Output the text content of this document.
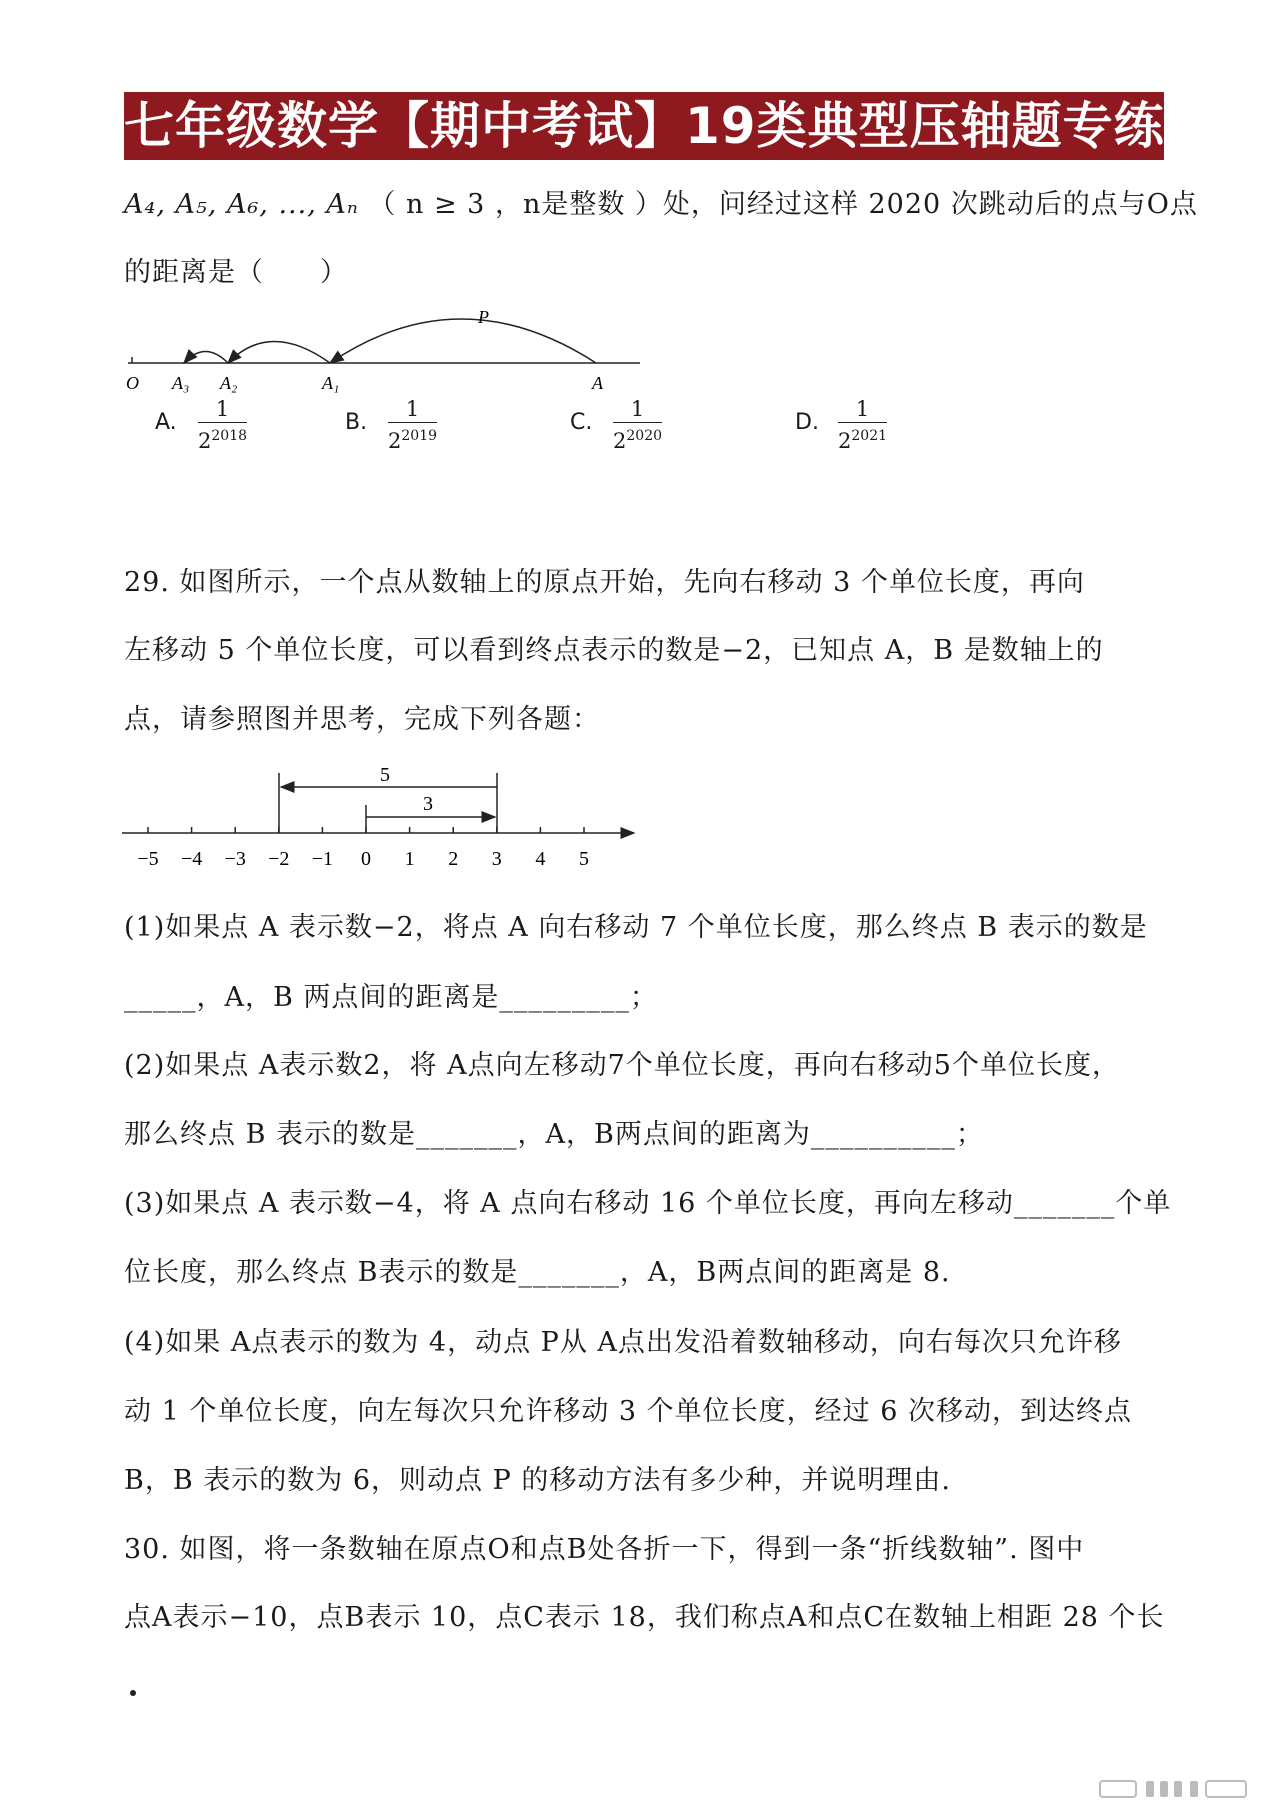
七年级数学【期中考试】19类典型压轴题专练
A₄, A₅, A₆, ..., Aₙ （ n ≥ 3 ，n是整数 ）处，问经过这样 2020 次跳动后的点与O点
的距离是（　　）
P
O A₃ A₂	A₁	A
A. $\frac{1}{2^{2018}}$	B. $\frac{1}{2^{2019}}$	C. $\frac{1}{2^{2020}}$	D. $\frac{1}{2^{2021}}$
29. 如图所示，一个点从数轴上的原点开始，先向右移动 3 个单位长度，再向
左移动 5 个单位长度，可以看到终点表示的数是−2，已知点 A，B 是数轴上的
点，请参照图并思考，完成下列各题：
−5 −4 −3 −2 −1 0 1 2 3 4 5
5
3
(1)如果点 A 表示数−2，将点 A 向右移动 7 个单位长度，那么终点 B 表示的数是
_____，A，B 两点间的距离是_________；
(2)如果点 A表示数2，将 A点向左移动7个单位长度，再向右移动5个单位长度，
那么终点 B 表示的数是_______，A，B两点间的距离为__________；
(3)如果点 A 表示数−4，将 A 点向右移动 16 个单位长度，再向左移动_______个单
位长度，那么终点 B表示的数是_______，A，B两点间的距离是 8.
(4)如果 A点表示的数为 4，动点 P从 A点出发沿着数轴移动，向右每次只允许移
动 1 个单位长度，向左每次只允许移动 3 个单位长度，经过 6 次移动，到达终点
B，B 表示的数为 6，则动点 P 的移动方法有多少种，并说明理由.
30. 如图，将一条数轴在原点O和点B处各折一下，得到一条“折线数轴”. 图中
点A表示−10，点B表示 10，点C表示 18，我们称点A和点C在数轴上相距 28 个长
